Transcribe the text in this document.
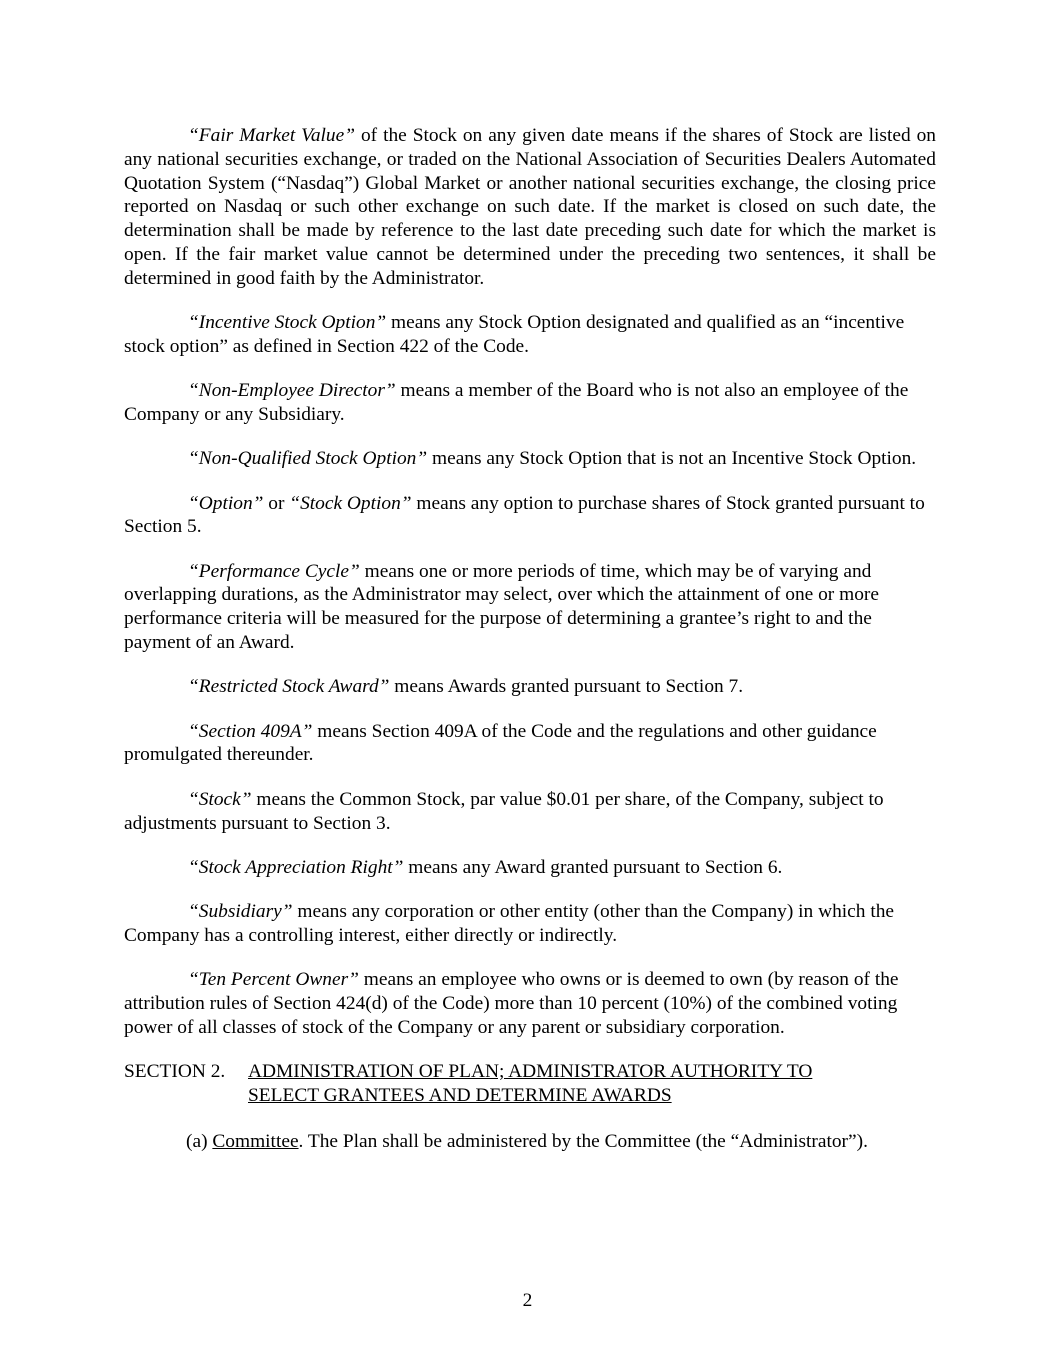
“Fair Market Value” of the Stock on any given date means if the shares of Stock are listed on any national securities exchange, or traded on the National Association of Securities Dealers Automated Quotation System (“Nasdaq”) Global Market or another national securities exchange, the closing price reported on Nasdaq or such other exchange on such date. If the market is closed on such date, the determination shall be made by reference to the last date preceding such date for which the market is open. If the fair market value cannot be determined under the preceding two sentences, it shall be determined in good faith by the Administrator.

“Incentive Stock Option” means any Stock Option designated and qualified as an “incentive stock option” as defined in Section 422 of the Code.

“Non-Employee Director” means a member of the Board who is not also an employee of the Company or any Subsidiary.

“Non-Qualified Stock Option” means any Stock Option that is not an Incentive Stock Option.

“Option” or “Stock Option” means any option to purchase shares of Stock granted pursuant to Section 5.

“Performance Cycle” means one or more periods of time, which may be of varying and overlapping durations, as the Administrator may select, over which the attainment of one or more performance criteria will be measured for the purpose of determining a grantee’s right to and the payment of an Award.

“Restricted Stock Award” means Awards granted pursuant to Section 7.

“Section 409A” means Section 409A of the Code and the regulations and other guidance promulgated thereunder.

“Stock” means the Common Stock, par value $0.01 per share, of the Company, subject to adjustments pursuant to Section 3.

“Stock Appreciation Right” means any Award granted pursuant to Section 6.

“Subsidiary” means any corporation or other entity (other than the Company) in which the Company has a controlling interest, either directly or indirectly.

“Ten Percent Owner” means an employee who owns or is deemed to own (by reason of the attribution rules of Section 424(d) of the Code) more than 10 percent (10%) of the combined voting power of all classes of stock of the Company or any parent or subsidiary corporation.

SECTION 2.	ADMINISTRATION OF PLAN; ADMINISTRATOR AUTHORITY TO SELECT GRANTEES AND DETERMINE AWARDS

(a) Committee. The Plan shall be administered by the Committee (the “Administrator”).

2
